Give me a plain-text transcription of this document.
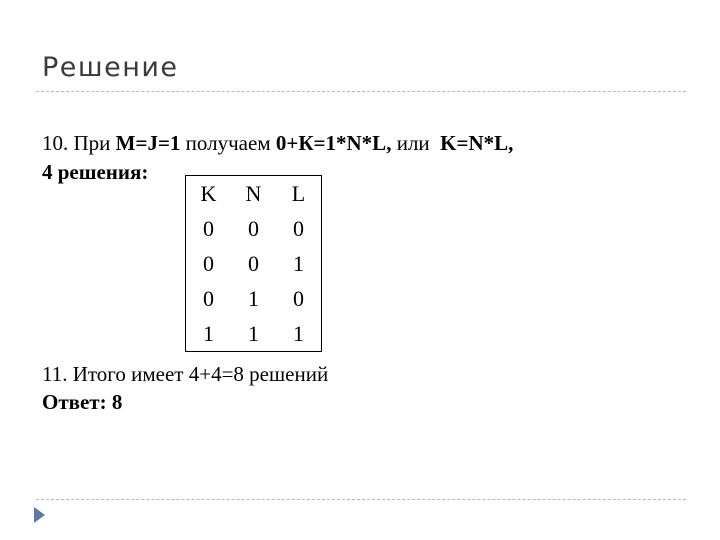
Решение
10. При M=J=1 получаем 0+К=1*N*L, или  K=N*L,
4 решения:
K	N	L
0	0	0
0	0	1
0	1	0
1	1	1
11. Итого имеет 4+4=8 решений
Ответ: 8
